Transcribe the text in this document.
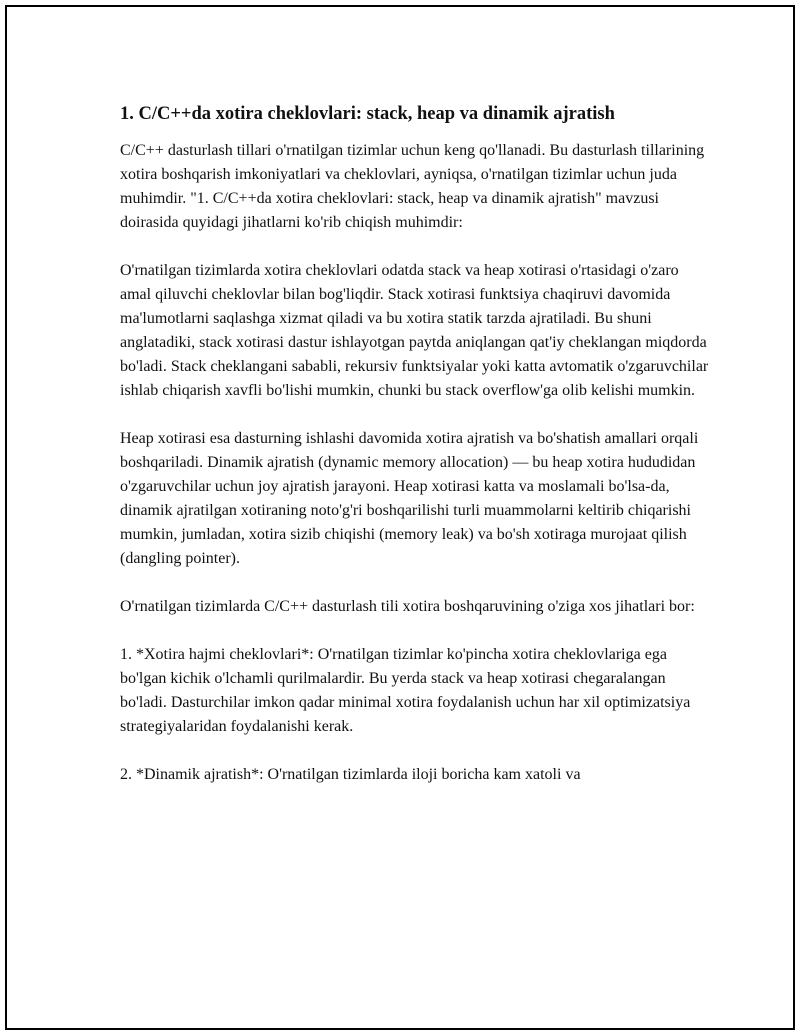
1. C/C++da xotira cheklovlari: stack, heap va dinamik ajratish

C/C++ dasturlash tillari o'rnatilgan tizimlar uchun keng qo'llanadi. Bu dasturlash tillarining xotira boshqarish imkoniyatlari va cheklovlari, ayniqsa, o'rnatilgan tizimlar uchun juda muhimdir. "1. C/C++da xotira cheklovlari: stack, heap va dinamik ajratish" mavzusi doirasida quyidagi jihatlarni ko'rib chiqish muhimdir:

O'rnatilgan tizimlarda xotira cheklovlari odatda stack va heap xotirasi o'rtasidagi o'zaro amal qiluvchi cheklovlar bilan bog'liqdir. Stack xotirasi funktsiya chaqiruvi davomida ma'lumotlarni saqlashga xizmat qiladi va bu xotira statik tarzda ajratiladi. Bu shuni anglatadiki, stack xotirasi dastur ishlayotgan paytda aniqlangan qat'iy cheklangan miqdorda bo'ladi. Stack cheklangani sababli, rekursiv funktsiyalar yoki katta avtomatik o'zgaruvchilar ishlab chiqarish xavfli bo'lishi mumkin, chunki bu stack overflow'ga olib kelishi mumkin.

Heap xotirasi esa dasturning ishlashi davomida xotira ajratish va bo'shatish amallari orqali boshqariladi. Dinamik ajratish (dynamic memory allocation) — bu heap xotira hududidan o'zgaruvchilar uchun joy ajratish jarayoni. Heap xotirasi katta va moslamali bo'lsa-da, dinamik ajratilgan xotiraning noto'g'ri boshqarilishi turli muammolarni keltirib chiqarishi mumkin, jumladan, xotira sizib chiqishi (memory leak) va bo'sh xotiraga murojaat qilish (dangling pointer).

O'rnatilgan tizimlarda C/C++ dasturlash tili xotira boshqaruvining o'ziga xos jihatlari bor:

1. *Xotira hajmi cheklovlari*: O'rnatilgan tizimlar ko'pincha xotira cheklovlariga ega bo'lgan kichik o'lchamli qurilmalardir. Bu yerda stack va heap xotirasi chegaralangan bo'ladi. Dasturchilar imkon qadar minimal xotira foydalanish uchun har xil optimizatsiya strategiyalaridan foydalanishi kerak.

2. *Dinamik ajratish*: O'rnatilgan tizimlarda iloji boricha kam xatoli va
